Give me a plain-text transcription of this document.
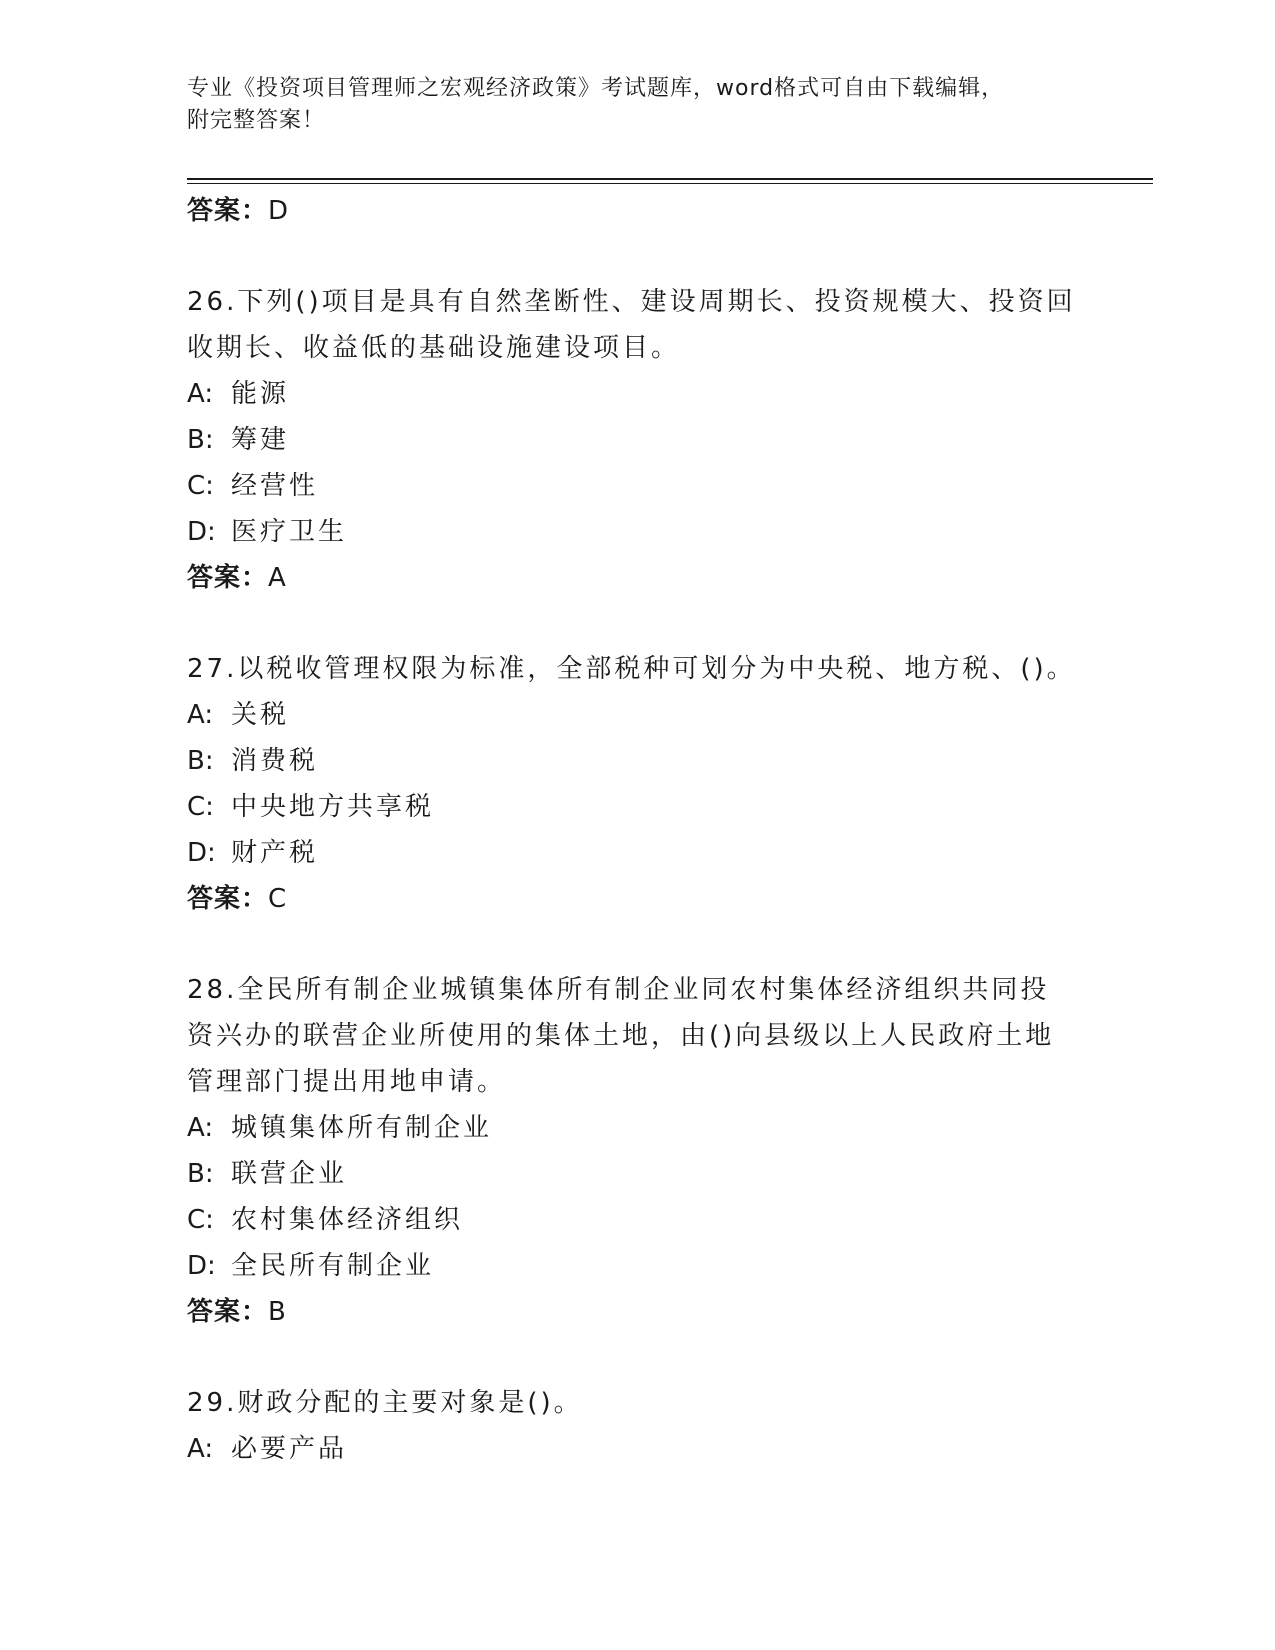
专业《投资项目管理师之宏观经济政策》考试题库，word格式可自由下载编辑，
附完整答案！
答案：D
26.下列()项目是具有自然垄断性、建设周期长、投资规模大、投资回收期长、收益低的基础设施建设项目。
A: 能源
B: 筹建
C: 经营性
D: 医疗卫生
答案：A
27.以税收管理权限为标准，全部税种可划分为中央税、地方税、()。
A: 关税
B: 消费税
C: 中央地方共享税
D: 财产税
答案：C
28.全民所有制企业城镇集体所有制企业同农村集体经济组织共同投资兴办的联营企业所使用的集体土地，由()向县级以上人民政府土地管理部门提出用地申请。
A: 城镇集体所有制企业
B: 联营企业
C: 农村集体经济组织
D: 全民所有制企业
答案：B
29.财政分配的主要对象是()。
A: 必要产品
